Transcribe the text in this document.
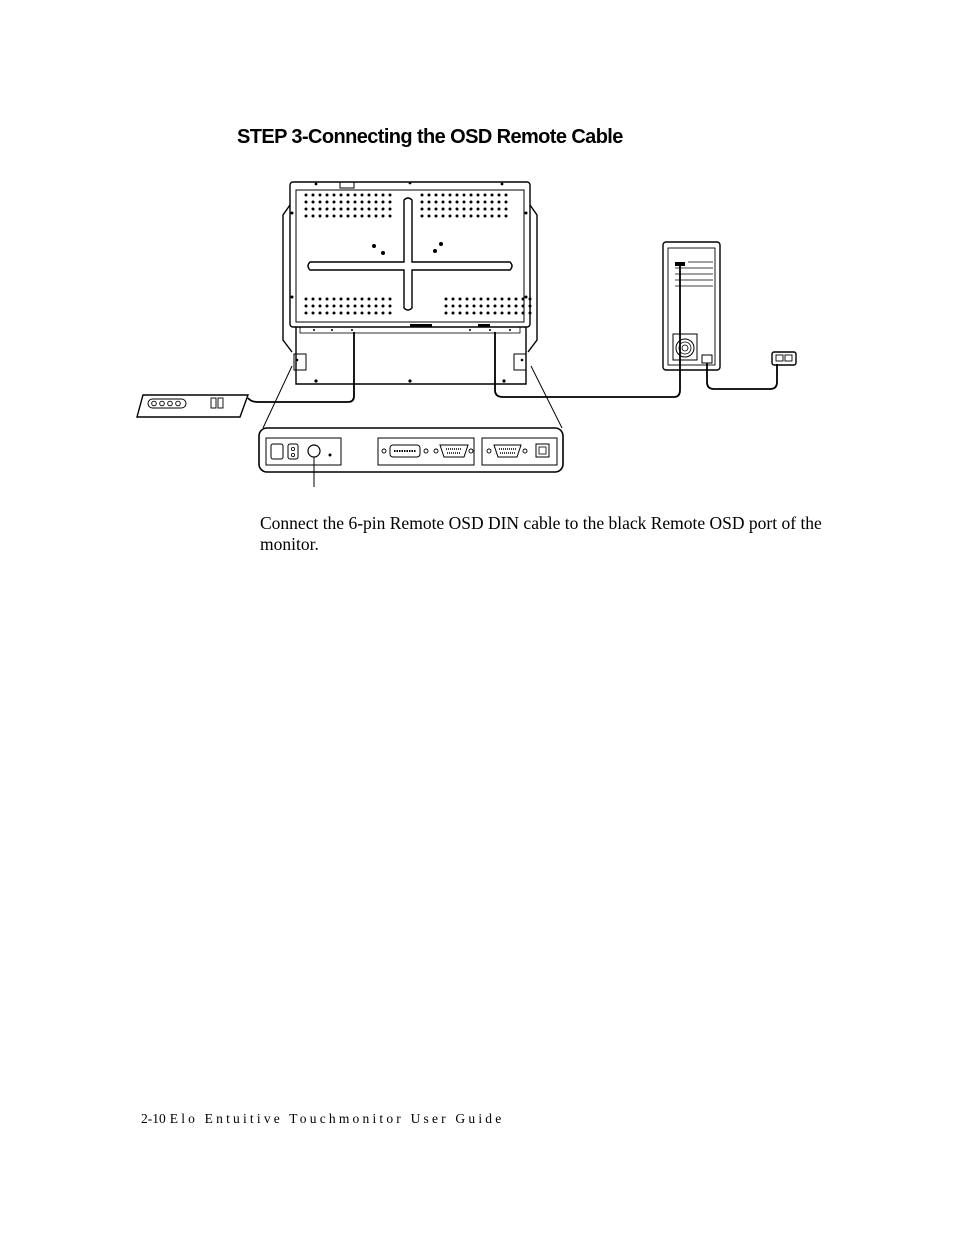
STEP 3-Connecting the OSD Remote Cable
Connect the 6-pin Remote OSD DIN cable to the black Remote OSD port of the monitor.
2-10 Elo Entuitive Touchmonitor User Guide
